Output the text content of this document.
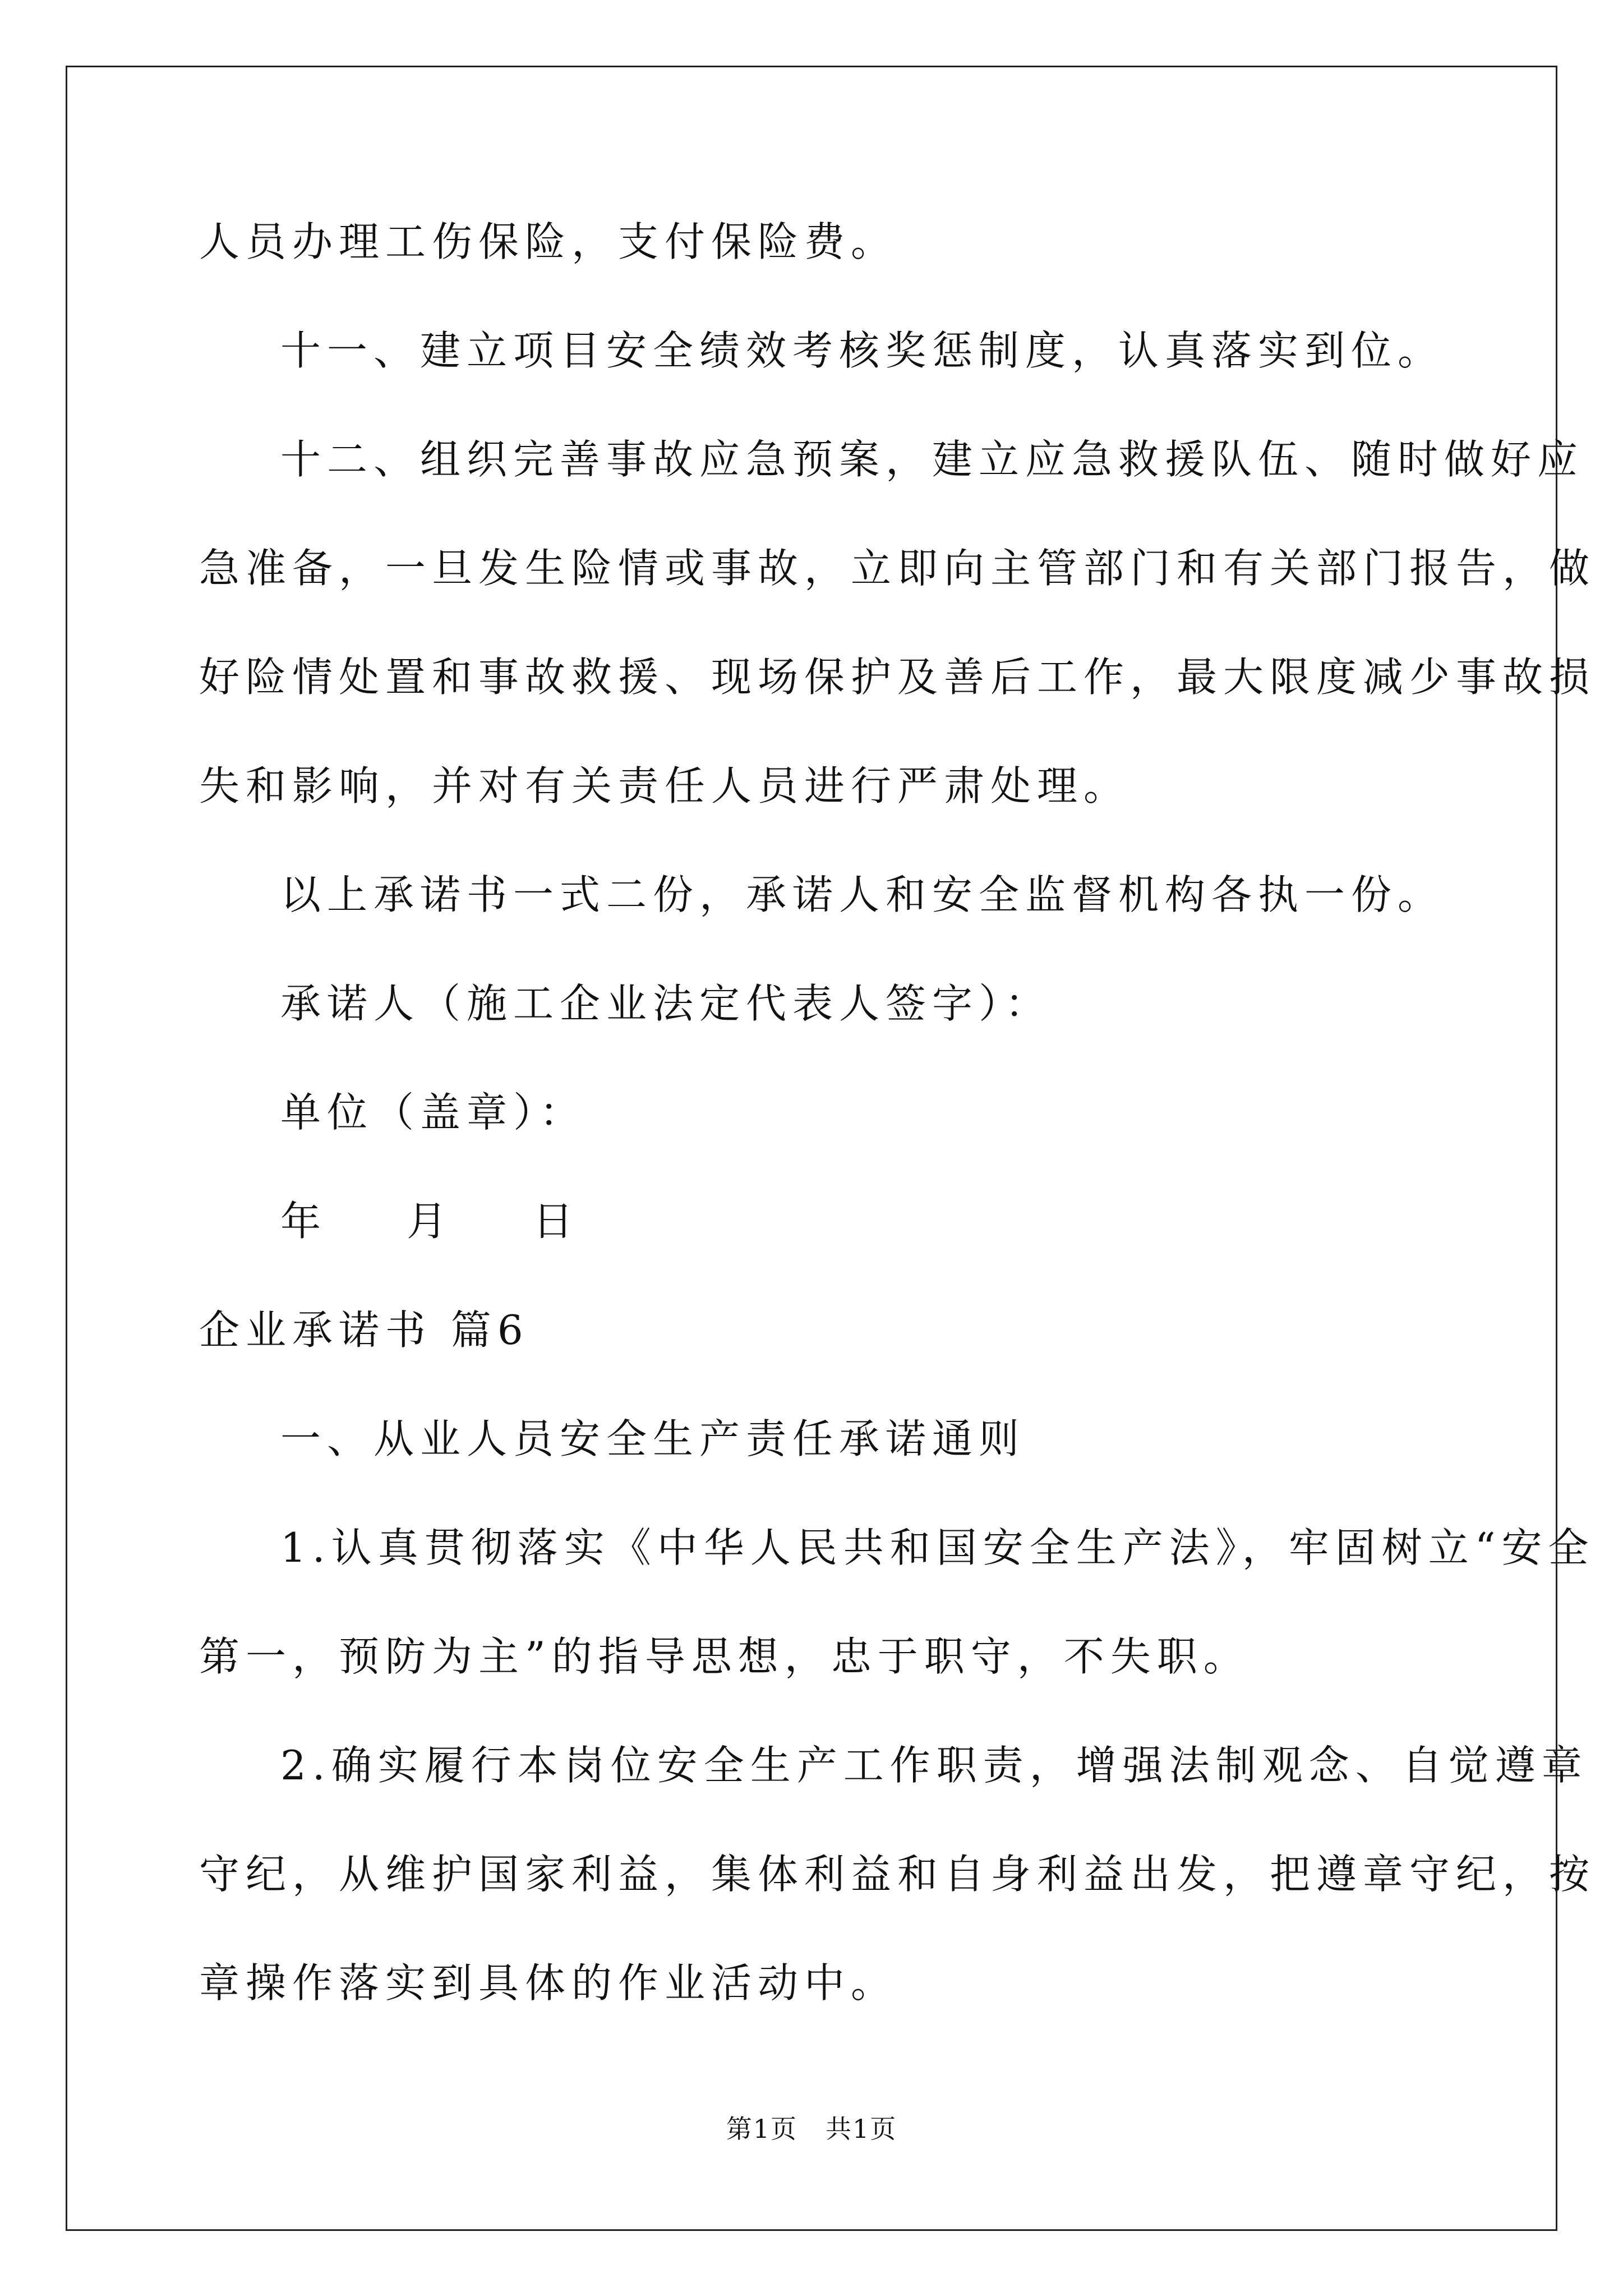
人员办理工伤保险，支付保险费。
十一、建立项目安全绩效考核奖惩制度，认真落实到位。
十二、组织完善事故应急预案，建立应急救援队伍、随时做好应
急准备，一旦发生险情或事故，立即向主管部门和有关部门报告，做
好险情处置和事故救援、现场保护及善后工作，最大限度减少事故损
失和影响，并对有关责任人员进行严肃处理。
以上承诺书一式二份，承诺人和安全监督机构各执一份。
承诺人（施工企业法定代表人签字）：
单位（盖章）：
年 月 日
企业承诺书 篇6
一、从业人员安全生产责任承诺通则
1.认真贯彻落实《中华人民共和国安全生产法》，牢固树立“安全
第一，预防为主”的指导思想，忠于职守，不失职。
2.确实履行本岗位安全生产工作职责，增强法制观念、自觉遵章
守纪，从维护国家利益，集体利益和自身利益出发，把遵章守纪，按
章操作落实到具体的作业活动中。
第1页 共1页
